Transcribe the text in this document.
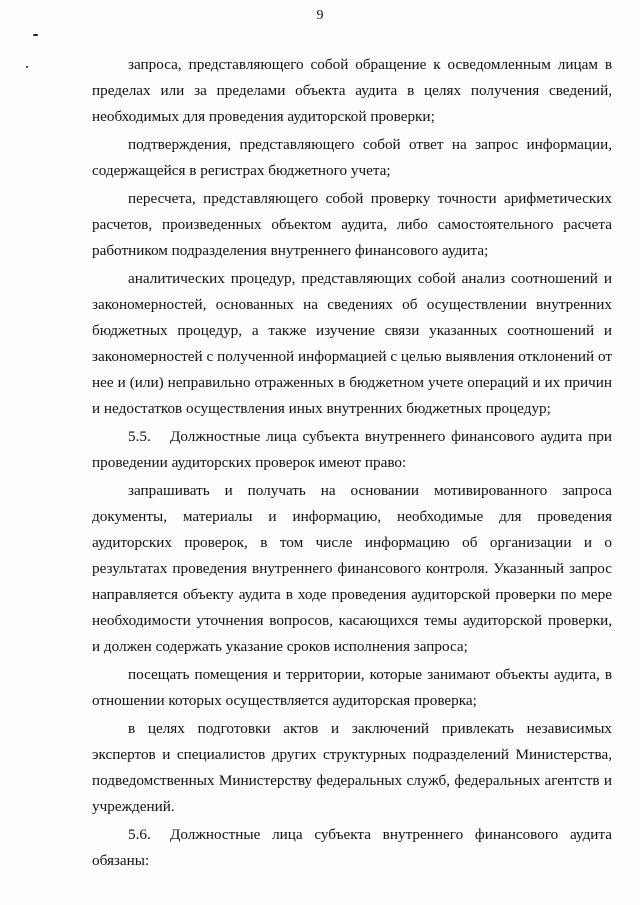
9

запроса, представляющего собой обращение к осведомленным лицам в пределах или за пределами объекта аудита в целях получения сведений, необходимых для проведения аудиторской проверки;

подтверждения, представляющего собой ответ на запрос информации, содержащейся в регистрах бюджетного учета;

пересчета, представляющего собой проверку точности арифметических расчетов, произведенных объектом аудита, либо самостоятельного расчета работником подразделения внутреннего финансового аудита;

аналитических процедур, представляющих собой анализ соотношений и закономерностей, основанных на сведениях об осуществлении внутренних бюджетных процедур, а также изучение связи указанных соотношений и закономерностей с полученной информацией с целью выявления отклонений от нее и (или) неправильно отраженных в бюджетном учете операций и их причин и недостатков осуществления иных внутренних бюджетных процедур;

5.5. Должностные лица субъекта внутреннего финансового аудита при проведении аудиторских проверок имеют право:

запрашивать и получать на основании мотивированного запроса документы, материалы и информацию, необходимые для проведения аудиторских проверок, в том числе информацию об организации и о результатах проведения внутреннего финансового контроля. Указанный запрос направляется объекту аудита в ходе проведения аудиторской проверки по мере необходимости уточнения вопросов, касающихся темы аудиторской проверки, и должен содержать указание сроков исполнения запроса;

посещать помещения и территории, которые занимают объекты аудита, в отношении которых осуществляется аудиторская проверка;

в целях подготовки актов и заключений привлекать независимых экспертов и специалистов других структурных подразделений Министерства, подведомственных Министерству федеральных служб, федеральных агентств и учреждений.

5.6. Должностные лица субъекта внутреннего финансового аудита обязаны:
